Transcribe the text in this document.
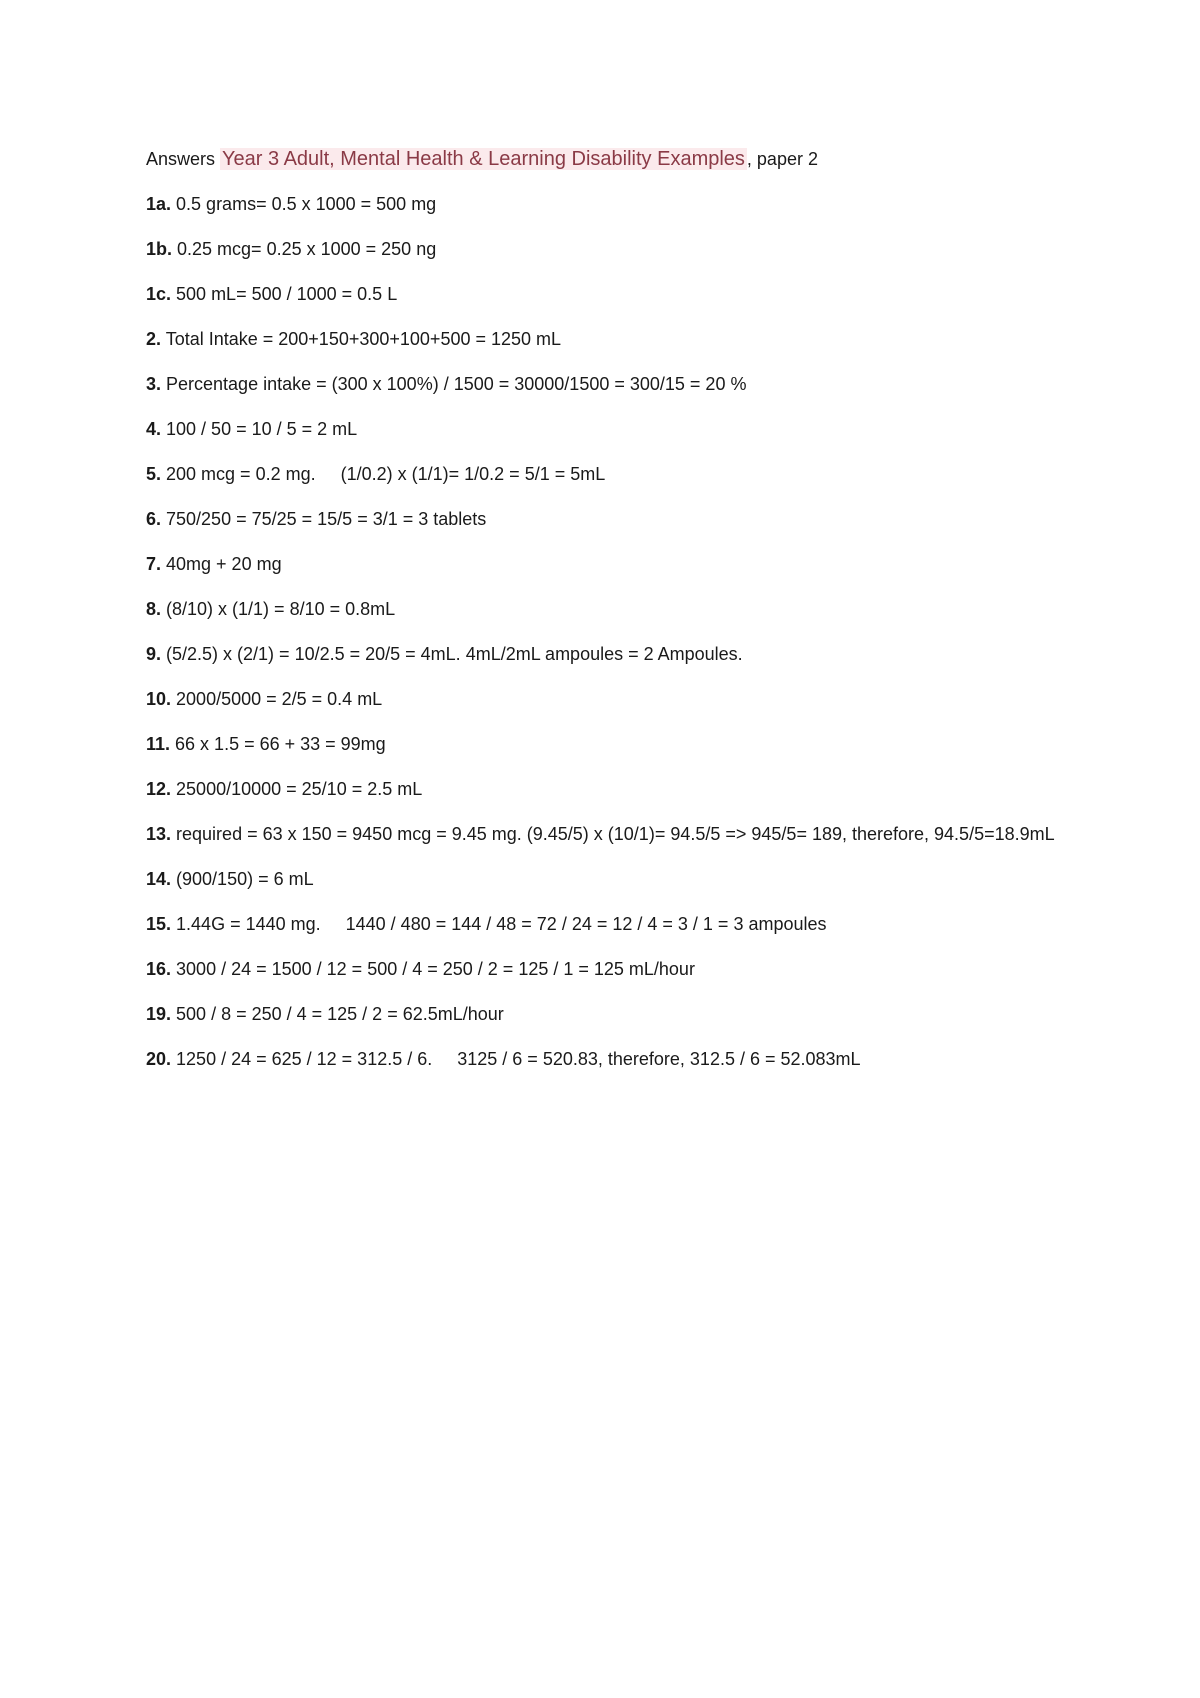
Answers Year 3 Adult, Mental Health & Learning Disability Examples , paper 2
1a. 0.5 grams= 0.5 x 1000 = 500 mg
1b. 0.25 mcg= 0.25 x 1000 = 250 ng
1c. 500 mL= 500 / 1000 = 0.5 L
2. Total Intake = 200+150+300+100+500 = 1250 mL
3. Percentage intake = (300 x 100%) / 1500 = 30000/1500 = 300/15 = 20 %
4. 100 / 50 = 10 / 5 = 2 mL
5. 200 mcg = 0.2 mg.     (1/0.2) x (1/1)= 1/0.2 = 5/1 = 5mL
6. 750/250 = 75/25 = 15/5 = 3/1 = 3 tablets
7. 40mg + 20 mg
8. (8/10) x (1/1) = 8/10 = 0.8mL
9. (5/2.5) x (2/1) = 10/2.5 = 20/5 = 4mL. 4mL/2mL ampoules = 2 Ampoules.
10. 2000/5000 = 2/5 = 0.4 mL
11. 66 x 1.5 = 66 + 33 = 99mg
12. 25000/10000 = 25/10 = 2.5 mL
13. required = 63 x 150 = 9450 mcg = 9.45 mg. (9.45/5) x (10/1)= 94.5/5 => 945/5= 189, therefore, 94.5/5=18.9mL
14. (900/150) = 6 mL
15. 1.44G = 1440 mg.     1440 / 480 = 144 / 48 = 72 / 24 = 12 / 4 = 3 / 1 = 3 ampoules
16. 3000 / 24 = 1500 / 12 = 500 / 4 = 250 / 2 = 125 / 1 = 125 mL/hour
19. 500 / 8 = 250 / 4 = 125 / 2 = 62.5mL/hour
20. 1250 / 24 = 625 / 12 = 312.5 / 6.     3125 / 6 = 520.83, therefore, 312.5 / 6 = 52.083mL
